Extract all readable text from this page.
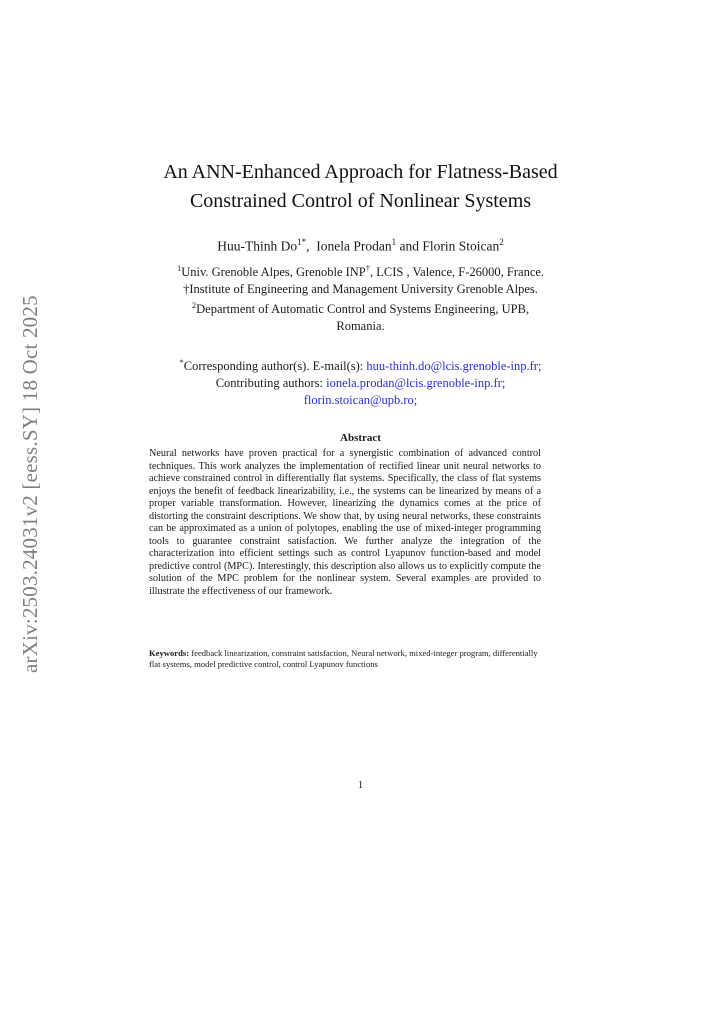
arXiv:2503.24031v2 [eess.SY] 18 Oct 2025
An ANN-Enhanced Approach for Flatness-Based
Constrained Control of Nonlinear Systems
Huu-Thinh $Do^{1*}$,  Ionela Prodan$^1$ and Florin Stoican$^2$
$^1$Univ. Grenoble Alpes, Grenoble INP†, LCIS , Valence, F-26000, France.
†Institute of Engineering and Management University Grenoble Alpes.
$^2$Department of Automatic Control and Systems Engineering, UPB,
Romania.
*Corresponding author(s). E-mail(s): huu-thinh.do@lcis.grenoble-inp.fr;
Contributing authors: ionela.prodan@lcis.grenoble-inp.fr;
florin.stoican@upb.ro;
Abstract
Neural networks have proven practical for a synergistic combination of advanced control techniques. This work analyzes the implementation of rectified linear unit neural networks to achieve constrained control in differentially flat systems. Specifically, the class of flat systems enjoys the benefit of feedback linearizability, i.e., the systems can be linearized by means of a proper variable transformation. However, linearizing the dynamics comes at the price of distorting the constraint descriptions. We show that, by using neural networks, these constraints can be approximated as a union of polytopes, enabling the use of mixed-integer programming tools to guarantee constraint satisfaction. We further analyze the integration of the characterization into efficient settings such as control Lyapunov function-based and model predictive control (MPC). Interestingly, this description also allows us to explicitly compute the solution of the MPC problem for the nonlinear system. Several examples are provided to illustrate the effectiveness of our framework.
Keywords: feedback linearization, constraint satisfaction, Neural network, mixed-integer program, differentially flat systems, model predictive control, control Lyapunov functions
1
